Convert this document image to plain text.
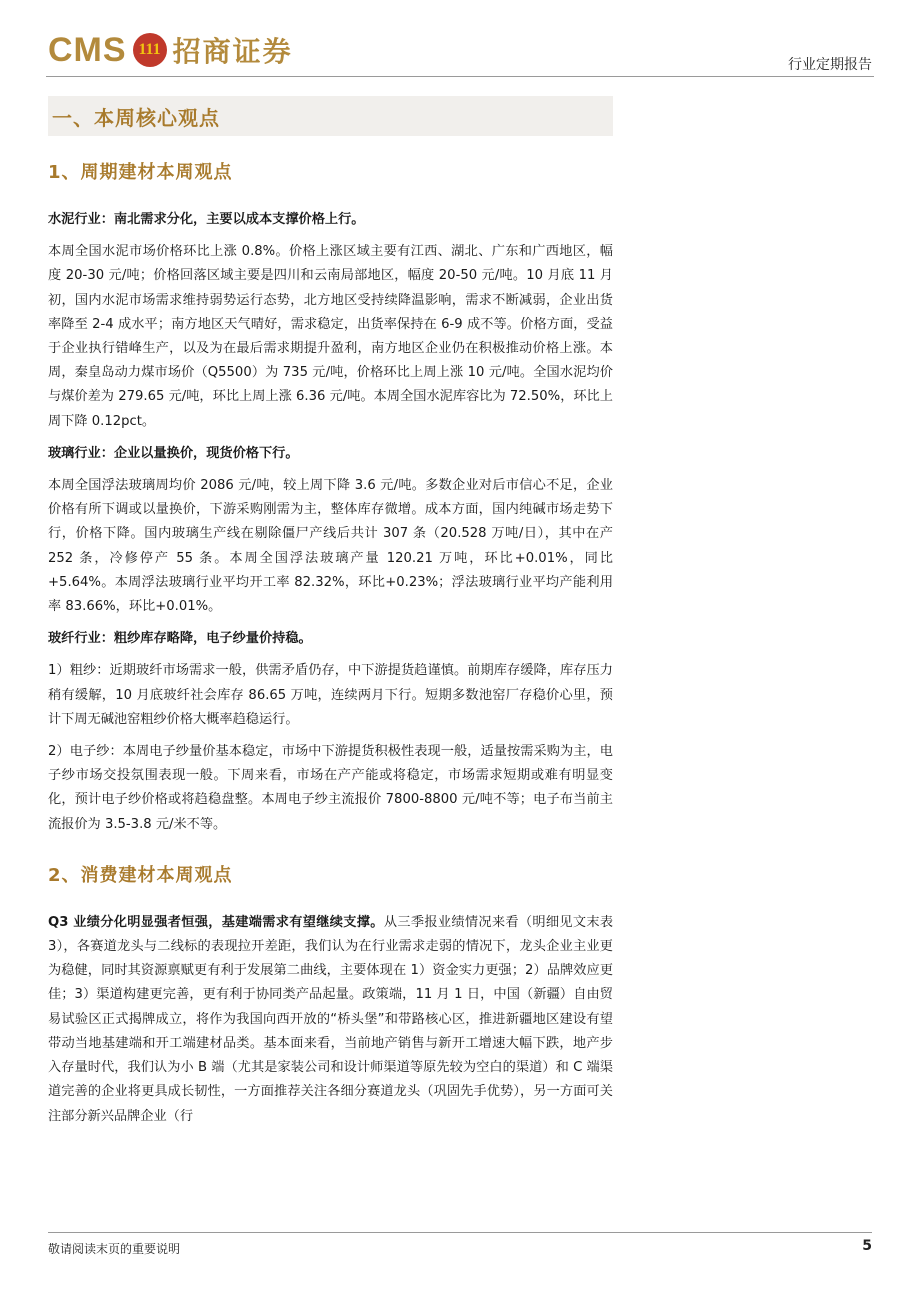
CMS 111 招商证券	行业定期报告
一、本周核心观点
1、周期建材本周观点

水泥行业：南北需求分化，主要以成本支撑价格上行。

本周全国水泥市场价格环比上涨 0.8%。价格上涨区域主要有江西、湖北、广东和广西地区，幅度 20-30 元/吨；价格回落区域主要是四川和云南局部地区，幅度 20-50 元/吨。10 月底 11 月初，国内水泥市场需求维持弱势运行态势，北方地区受持续降温影响，需求不断减弱，企业出货率降至 2-4 成水平；南方地区天气晴好，需求稳定，出货率保持在 6-9 成不等。价格方面，受益于企业执行错峰生产，以及为在最后需求期提升盈利，南方地区企业仍在积极推动价格上涨。本周，秦皇岛动力煤市场价（Q5500）为 735 元/吨，价格环比上周上涨 10 元/吨。全国水泥均价与煤价差为 279.65 元/吨，环比上周上涨 6.36 元/吨。本周全国水泥库容比为 72.50%，环比上周下降 0.12pct。

玻璃行业：企业以量换价，现货价格下行。

本周全国浮法玻璃周均价 2086 元/吨，较上周下降 3.6 元/吨。多数企业对后市信心不足，企业价格有所下调或以量换价，下游采购刚需为主，整体库存微增。成本方面，国内纯碱市场走势下行，价格下降。国内玻璃生产线在剔除僵尸产线后共计 307 条（20.528 万吨/日），其中在产 252 条，冷修停产 55 条。本周全国浮法玻璃产量 120.21 万吨，环比+0.01%，同比+5.64%。本周浮法玻璃行业平均开工率 82.32%，环比+0.23%；浮法玻璃行业平均产能利用率 83.66%，环比+0.01%。

玻纤行业：粗纱库存略降，电子纱量价持稳。

1）粗纱：近期玻纤市场需求一般，供需矛盾仍存，中下游提货趋谨慎。前期库存缓降，库存压力稍有缓解，10 月底玻纤社会库存 86.65 万吨，连续两月下行。短期多数池窑厂存稳价心里，预计下周无碱池窑粗纱价格大概率趋稳运行。

2）电子纱：本周电子纱量价基本稳定，市场中下游提货积极性表现一般，适量按需采购为主，电子纱市场交投氛围表现一般。下周来看，市场在产产能或将稳定，市场需求短期或难有明显变化，预计电子纱价格或将趋稳盘整。本周电子纱主流报价 7800-8800 元/吨不等；电子布当前主流报价为 3.5-3.8 元/米不等。

2、消费建材本周观点

Q3 业绩分化明显强者恒强，基建端需求有望继续支撑。从三季报业绩情况来看（明细见文末表 3），各赛道龙头与二线标的表现拉开差距，我们认为在行业需求走弱的情况下，龙头企业主业更为稳健，同时其资源禀赋更有利于发展第二曲线，主要体现在 1）资金实力更强；2）品牌效应更佳；3）渠道构建更完善，更有利于协同类产品起量。政策端，11 月 1 日，中国（新疆）自由贸易试验区正式揭牌成立，将作为我国向西开放的“桥头堡”和带路核心区，推进新疆地区建设有望带动当地基建端和开工端建材品类。基本面来看，当前地产销售与新开工增速大幅下跌，地产步入存量时代，我们认为小 B 端（尤其是家装公司和设计师渠道等原先较为空白的渠道）和 C 端渠道完善的企业将更具成长韧性，一方面推荐关注各细分赛道龙头（巩固先手优势），另一方面可关注部分新兴品牌企业（行

敬请阅读末页的重要说明	5
